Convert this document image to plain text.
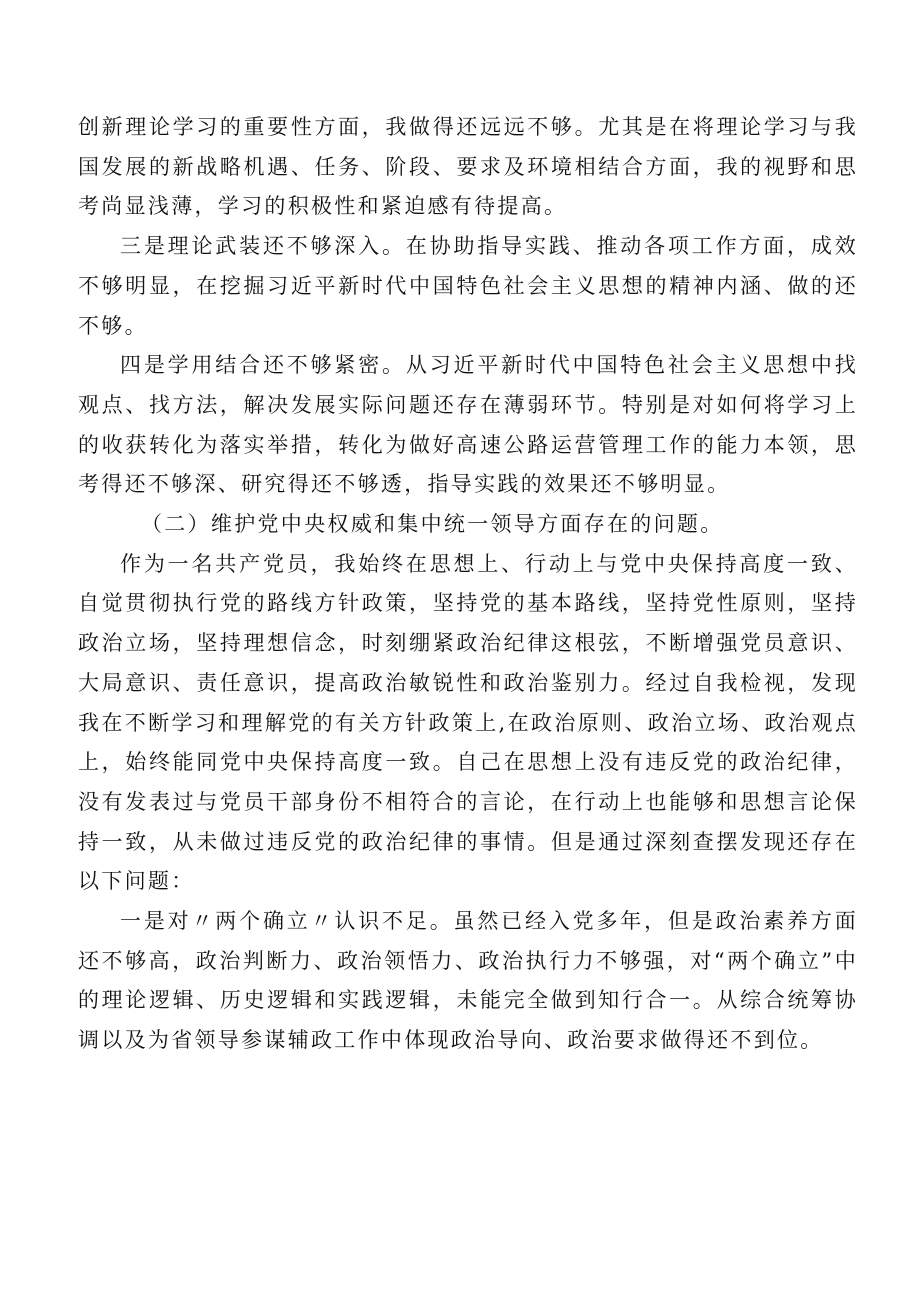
创新理论学习的重要性方面，我做得还远远不够。尤其是在将理论学习与我国发展的新战略机遇、任务、阶段、要求及环境相结合方面，我的视野和思考尚显浅薄，学习的积极性和紧迫感有待提高。

三是理论武装还不够深入。在协助指导实践、推动各项工作方面，成效不够明显，在挖掘习近平新时代中国特色社会主义思想的精神内涵、做的还不够。

四是学用结合还不够紧密。从习近平新时代中国特色社会主义思想中找观点、找方法，解决发展实际问题还存在薄弱环节。特别是对如何将学习上的收获转化为落实举措，转化为做好高速公路运营管理工作的能力本领，思考得还不够深、研究得还不够透，指导实践的效果还不够明显。

（二）维护党中央权威和集中统一领导方面存在的问题。

作为一名共产党员，我始终在思想上、行动上与党中央保持高度一致、自觉贯彻执行党的路线方针政策，坚持党的基本路线，坚持党性原则，坚持政治立场，坚持理想信念，时刻绷紧政治纪律这根弦，不断增强党员意识、大局意识、责任意识，提高政治敏锐性和政治鉴别力。经过自我检视，发现我在不断学习和理解党的有关方针政策上,在政治原则、政治立场、政治观点上，始终能同党中央保持高度一致。自己在思想上没有违反党的政治纪律，没有发表过与党员干部身份不相符合的言论，在行动上也能够和思想言论保持一致，从未做过违反党的政治纪律的事情。但是通过深刻查摆发现还存在以下问题：

一是对〃两个确立〃认识不足。虽然已经入党多年，但是政治素养方面还不够高，政治判断力、政治领悟力、政治执行力不够强，对“两个确立”中的理论逻辑、历史逻辑和实践逻辑，未能完全做到知行合一。从综合统筹协调以及为省领导参谋辅政工作中体现政治导向、政治要求做得还不到位。
